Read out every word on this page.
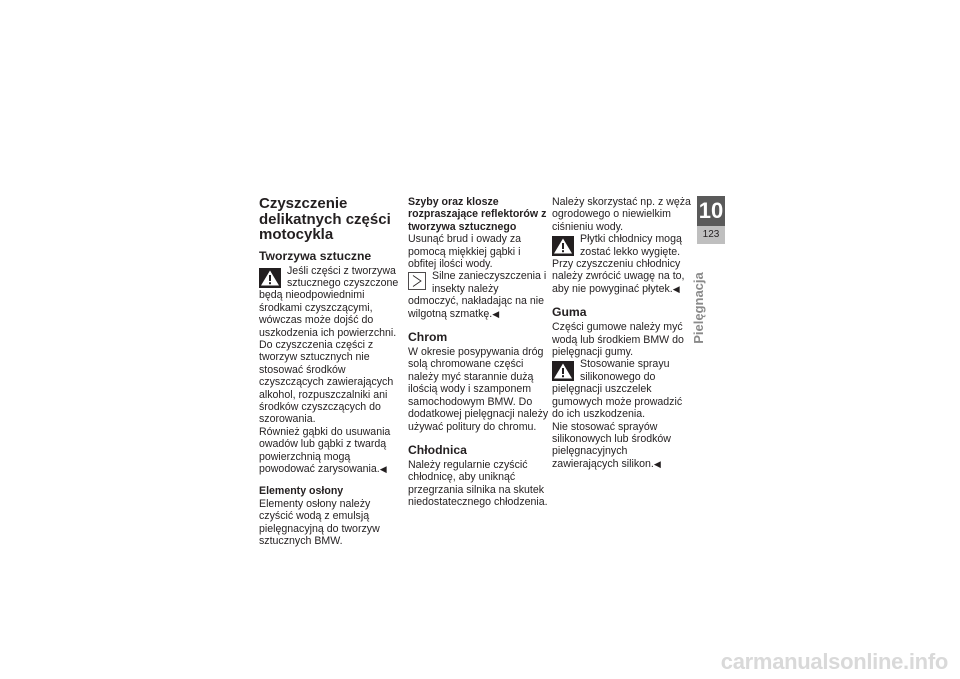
Czyszczenie delikatnych części motocykla
Tworzywa sztuczne

Jeśli części z tworzywa sztucznego czyszczone będą nieodpowiednimi środkami czyszczącymi, wówczas może dojść do uszkodzenia ich powierzchni.

Do czyszczenia części z tworzyw sztucznych nie stosować środków czyszczących zawierających alkohol, rozpuszczalniki ani środków czyszczących do szorowania.

Również gąbki do usuwania owadów lub gąbki z twardą powierzchnią mogą powodować zarysowania.◀

Elementy osłony

Elementy osłony należy czyścić wodą z emulsją pielęgnacyjną do tworzyw sztucznych BMW.

Szyby oraz klosze rozpraszające reflektorów z tworzywa sztucznego

Usunąć brud i owady za pomocą miękkiej gąbki i obfitej ilości wody.

Silne zanieczyszczenia i insekty należy odmoczyć, nakładając na nie wilgotną szmatkę.◀

Chrom

W okresie posypywania dróg solą chromowane części należy myć starannie dużą ilością wody i szamponem samochodowym BMW. Do dodatkowej pielęgnacji należy używać politury do chromu.

Chłodnica

Należy regularnie czyścić chłodnicę, aby uniknąć przegrzania silnika na skutek niedostatecznego chłodzenia.

Należy skorzystać np. z węża ogrodowego o niewielkim ciśnieniu wody.

Płytki chłodnicy mogą zostać lekko wygięte.

Przy czyszczeniu chłodnicy należy zwrócić uwagę na to, aby nie powyginać płytek.◀

Guma

Części gumowe należy myć wodą lub środkiem BMW do pielęgnacji gumy.

Stosowanie sprayu silikonowego do pielęgnacji uszczelek gumowych może prowadzić do ich uszkodzenia.

Nie stosować sprayów silikonowych lub środków pielęgnacyjnych zawierających silikon.◀

10
123
Pielęgnacja
carmanualsonline.info
